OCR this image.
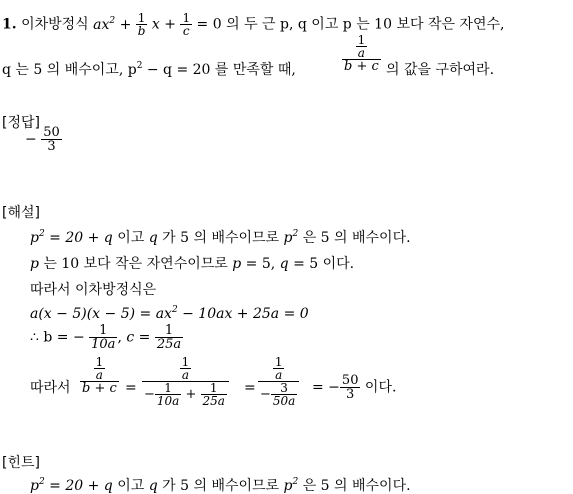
1. 이차방정식 $ax^2 + \frac{1}{b}$ $x + \frac{1}{c} = 0$ 의 두 근 p, q 이고 p 는 10 보다 작은 자연수,
q 는 5 의 배수이고, $p^2 - q = 20$ 를 만족할 때,	$\frac{\frac{1}{a}}{b + c}$ 의 값을 구하여라.
[정답]
− $\frac{50}{3}$
[해설]
$p^2 = 20 + q$ 이고 q 가 5 의 배수이므로 $p^2$ 은 5 의 배수이다.
p 는 10 보다 작은 자연수이므로 p = 5, q = 5 이다.
따라서 이차방정식은
$a(x - 5)(x - 5) = ax^2 - 10ax + 25a = 0$
∴ b = − $\frac{1}{10a}$ , $c = \frac{1}{25a}$
따라서 $\frac{\frac{1}{a}}{b + c} = \frac{\frac{1}{a}}{- \frac{1}{10a} + \frac{1}{25a}} = \frac{\frac{1}{a}}{- \frac{3}{50a}}$ = − $\frac{50}{3}$ 이다.
[힌트]
$p^2 = 20 + q$ 이고 q 가 5 의 배수이므로 $p^2$ 은 5 의 배수이다.
